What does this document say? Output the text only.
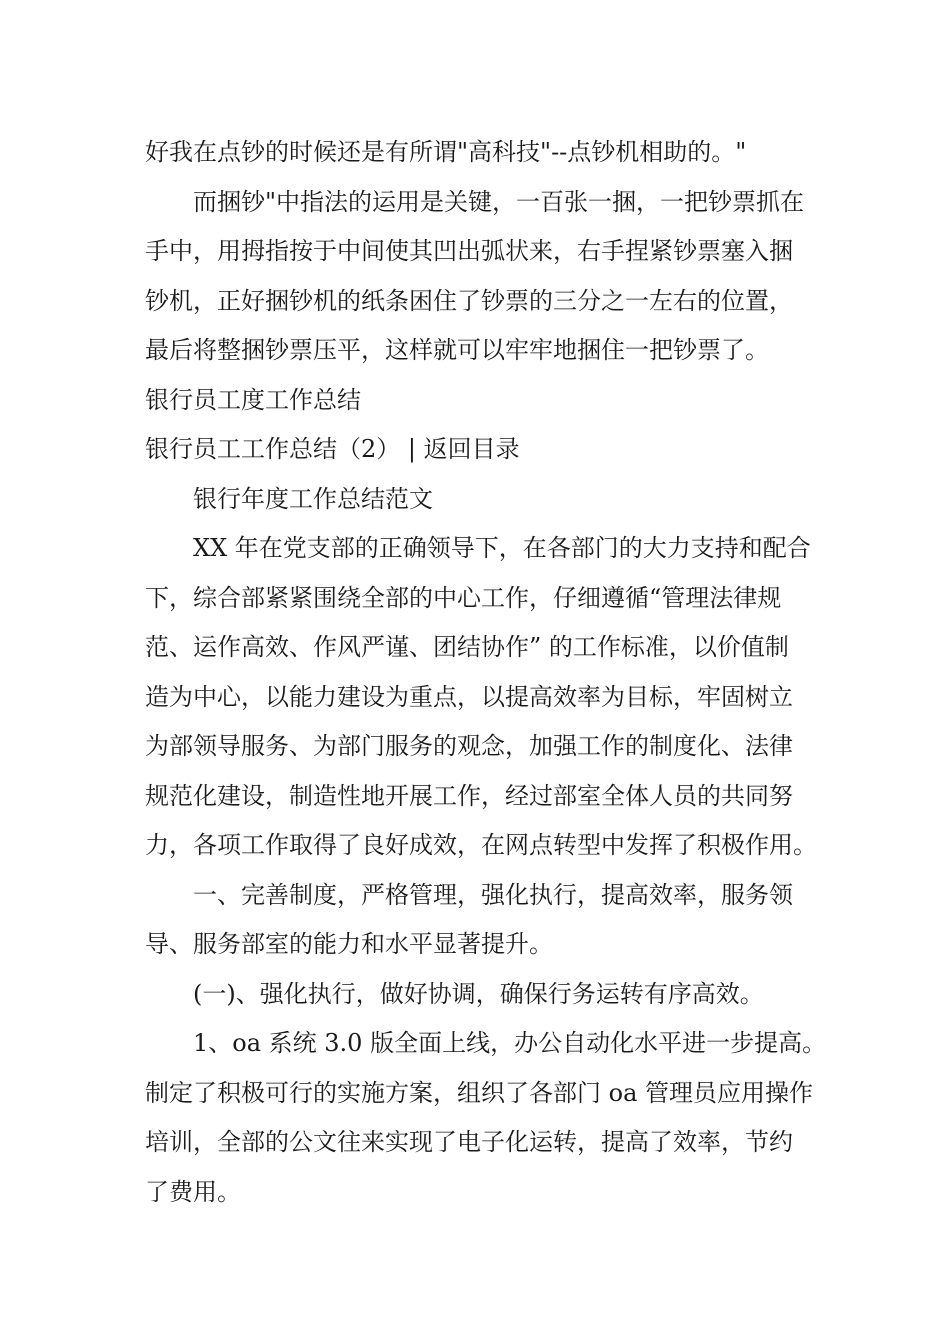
好我在点钞的时候还是有所谓"高科技"--点钞机相助的。"
而捆钞"中指法的运用是关键，一百张一捆，一把钞票抓在
手中，用拇指按于中间使其凹出弧状来，右手捏紧钞票塞入捆
钞机，正好捆钞机的纸条困住了钞票的三分之一左右的位置，
最后将整捆钞票压平，这样就可以牢牢地捆住一把钞票了。
银行员工度工作总结
银行员工工作总结（2） | 返回目录
银行年度工作总结范文
XX 年在党支部的正确领导下，在各部门的大力支持和配合
下，综合部紧紧围绕全部的中心工作，仔细遵循“管理法律规
范、运作高效、作风严谨、团结协作” 的工作标准，以价值制
造为中心，以能力建设为重点，以提高效率为目标，牢固树立
为部领导服务、为部门服务的观念，加强工作的制度化、法律
规范化建设，制造性地开展工作，经过部室全体人员的共同努
力，各项工作取得了良好成效，在网点转型中发挥了积极作用。
一、完善制度，严格管理，强化执行，提高效率，服务领
导、服务部室的能力和水平显著提升。
(一)、强化执行，做好协调，确保行务运转有序高效。
1、oa 系统 3.0 版全面上线，办公自动化水平进一步提高。
制定了积极可行的实施方案，组织了各部门 oa 管理员应用操作
培训，全部的公文往来实现了电子化运转，提高了效率，节约
了费用。
